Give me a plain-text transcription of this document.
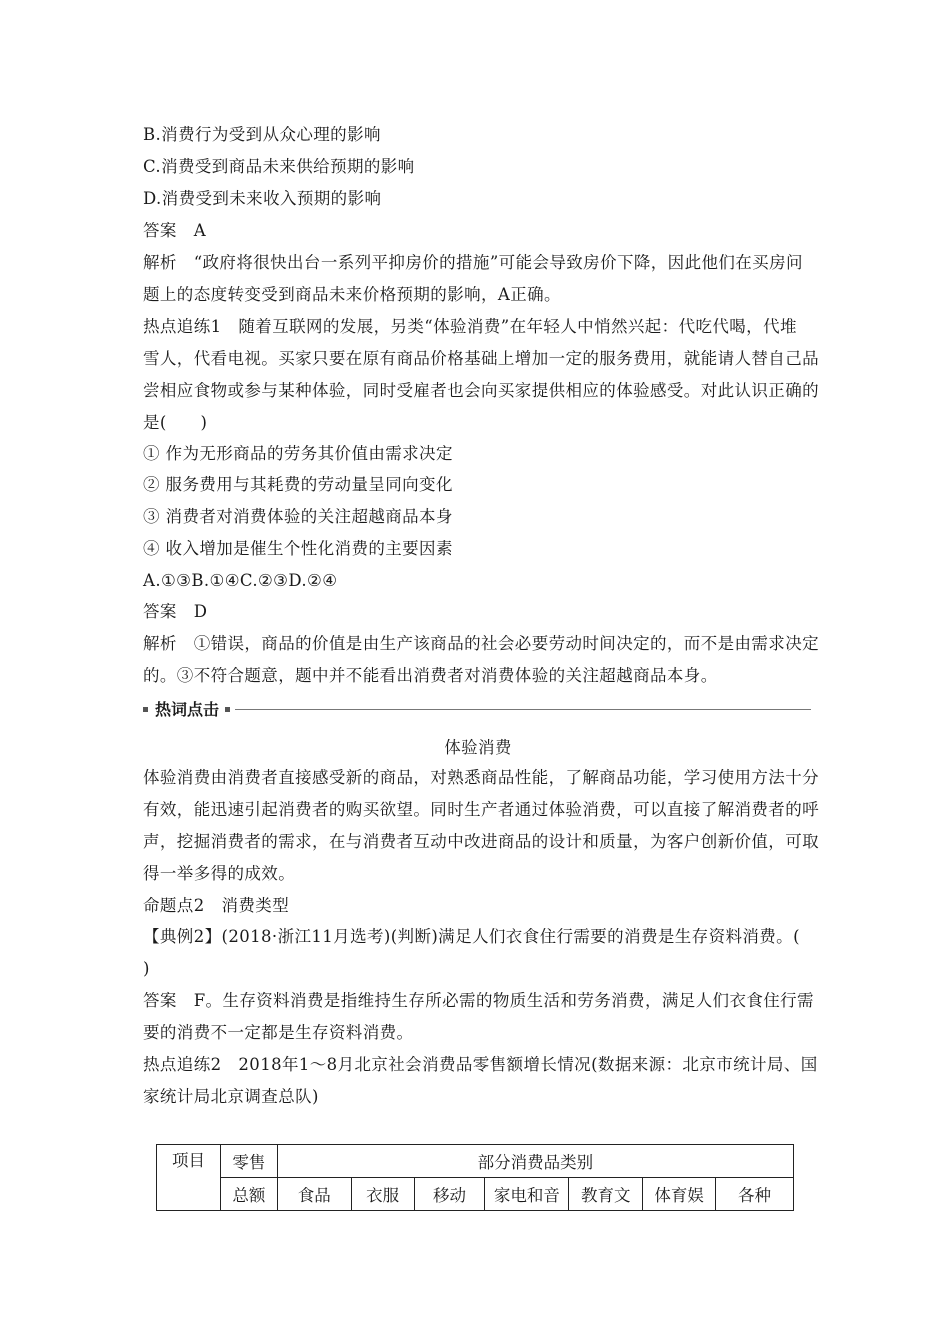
B.消费行为受到从众心理的影响
C.消费受到商品未来供给预期的影响
D.消费受到未来收入预期的影响
答案　A
解析　“政府将很快出台一系列平抑房价的措施”可能会导致房价下降，因此他们在买房问
题上的态度转变受到商品未来价格预期的影响，A正确。
热点追练1　随着互联网的发展，另类“体验消费”在年轻人中悄然兴起：代吃代喝，代堆
雪人，代看电视。买家只要在原有商品价格基础上增加一定的服务费用，就能请人替自己品
尝相应食物或参与某种体验，同时受雇者也会向买家提供相应的体验感受。对此认识正确的
是(　　)
① 作为无形商品的劳务其价值由需求决定
② 服务费用与其耗费的劳动量呈同向变化
③ 消费者对消费体验的关注超越商品本身
④ 收入增加是催生个性化消费的主要因素
A.①③B.①④C.②③D.②④
答案　D
解析　①错误，商品的价值是由生产该商品的社会必要劳动时间决定的，而不是由需求决定
的。③不符合题意，题中并不能看出消费者对消费体验的关注超越商品本身。
热词点击
体验消费
体验消费由消费者直接感受新的商品，对熟悉商品性能，了解商品功能，学习使用方法十分
有效，能迅速引起消费者的购买欲望。同时生产者通过体验消费，可以直接了解消费者的呼
声，挖掘消费者的需求，在与消费者互动中改进商品的设计和质量，为客户创新价值，可取
得一举多得的成效。
命题点2　消费类型
【典例2】(2018·浙江11月选考)(判断)满足人们衣食住行需要的消费是生存资料消费。(
)
答案　F。生存资料消费是指维持生存所必需的物质生活和劳务消费，满足人们衣食住行需
要的消费不一定都是生存资料消费。
热点追练2　2018年1～8月北京社会消费品零售额增长情况(数据来源：北京市统计局、国
家统计局北京调查总队)
项目	零售	部分消费品类别						
	总额	食品	衣服	移动	家电和音	教育文	体育娱	各种
